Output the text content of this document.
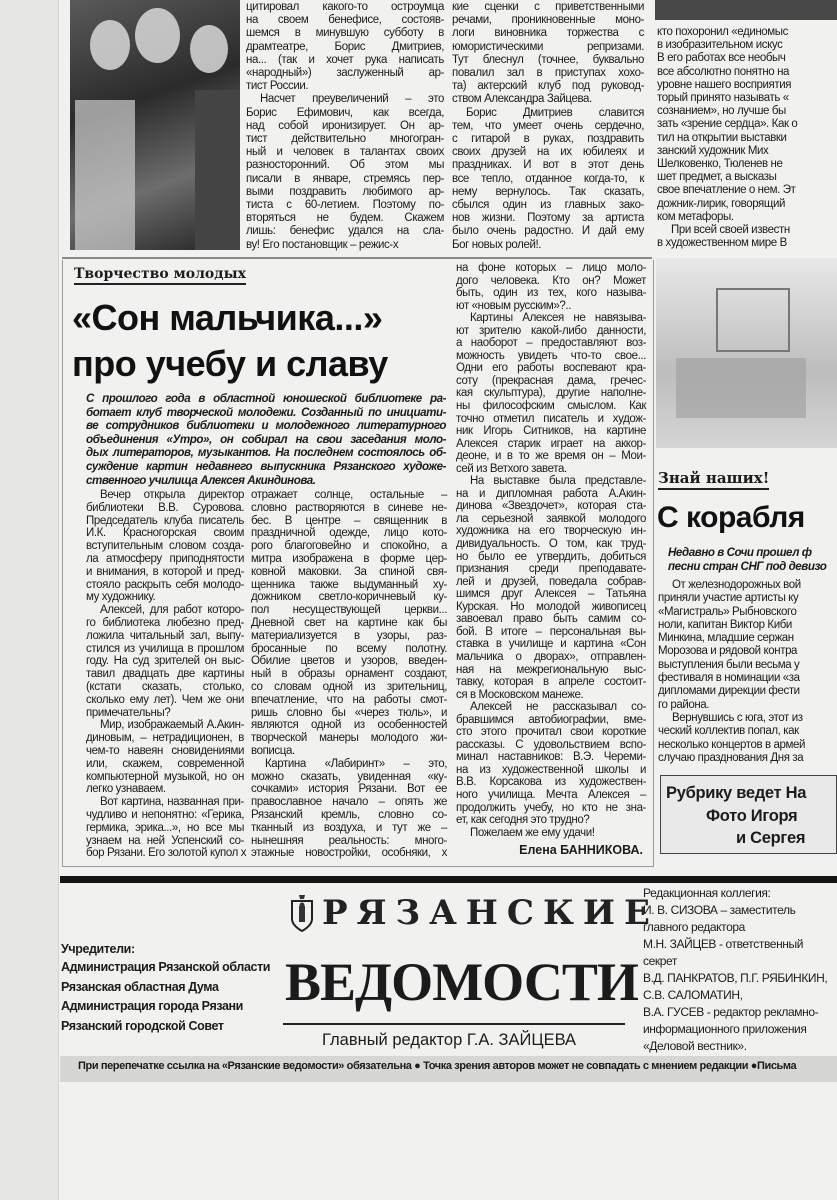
цитировал какого-то остроумца
на своем бенефисе, состояв-
шемся в минувшую субботу в
драмтеатре, Борис Дмитриев,
на... (так и хочет рука написать
«народный») заслуженный ар-
тист России.
Насчет преувеличений – это
Борис Ефимович, как всегда,
над собой иронизирует. Он ар-
тист действительно многогран-
ный и человек в талантах своих
разносторонний. Об этом мы
писали в январе, стремясь пер-
выми поздравить любимого ар-
тиста с 60-летием. Поэтому по-
вторяться не будем. Скажем
лишь: бенефис удался на сла-
ву! Его постановщик – режис-x
кие сценки с приветственными
речами, проникновенные моно-
логи виновника торжества с
юмористическими репризами.
Тут блеснул (точнее, буквально
повалил зал в приступах хохо-
та) актерский клуб под руковод-
ством Александра Зайцева.
Борис Дмитриев славится
тем, что умеет очень сердечно,
с гитарой в руках, поздравить
своих друзей на их юбилеях и
праздниках. И вот в этот день
все тепло, отданное когда-то, к
нему вернулось. Так сказать,
сбылся один из главных зако-
нов жизни. Поэтому за артиста
было очень радостно. И дай ему
Бог новых ролей!.
кто похоронил «единомыс
в изобразительном искус
В его работах все необыч
все абсолютно понятно на
уровне нашего восприятия
торый принято называть «
сознанием», но лучше бы
зать «зрение сердца». Как о
тил на открытии выставки
занский художник Мих
Шелковенко, Тюленев не
шет предмет, а высказы
свое впечатление о нем. Эт
дожник-лирик, говорящий
ком метафоры.
При всей своей известн
в художественном мире В
Творчество молодых
«Сон мальчика...»
про учебу и славу
С прошлого года в областной юношеской библиотеке ра-
ботает клуб творческой молодежи. Созданный по инициати-
ве сотрудников библиотеки и молодежного литературного
объединения «Утро», он собирал на свои заседания моло-
дых литераторов, музыкантов. На последнем состоялось об-
суждение картин недавнего выпускника Рязанского художе-
ственного училища Алексея Акиндинова.
Вечер открыла директор
библиотеки В.В. Суровова.
Председатель клуба писатель
И.К. Красногорская своим
вступительным словом созда-
ла атмосферу приподнятости
и внимания, в которой и пред-
стояло раскрыть себя молодо-
му художнику.
Алексей, для работ которо-
го библиотека любезно пред-
ложила читальный зал, выпу-
стился из училища в прошлом
году. На суд зрителей он выс-
тавил двадцать две картины
(кстати сказать, столько,
сколько ему лет). Чем же они
примечательны?
Мир, изображаемый А.Акин-
диновым, – нетрадиционен, в
чем-то навеян сновидениями
или, скажем, современной
компьютерной музыкой, но он
легко узнаваем.
Вот картина, названная при-
чудливо и непонятно: «Герика,
гермика, эрика...», но все мы
узнаем на ней Успенский со-
бор Рязани. Его золотой купол x
отражает солнце, остальные –
словно растворяются в синеве не-
бес. В центре – священник в
праздничной одежде, лицо кото-
рого благоговейно и спокойно, а
митра изображена в форме цер-
ковной маковки. За спиной свя-
щенника также выдуманный ху-
дожником светло-коричневый ку-
пол несуществующей церкви...
Дневной свет на картине как бы
материализуется в узоры, раз-
бросанные по всему полотну.
Обилие цветов и узоров, введен-
ный в образы орнамент создают,
со словам одной из зрительниц,
впечатление, что на работы смот-
ришь словно бы «через тюль», и
являются одной из особенностей
творческой манеры молодого жи-
вописца.
Картина «Лабиринт» – это,
можно сказать, увиденная «ку-
сочками» история Рязани. Вот ее
православное начало – опять же
Рязанский кремль, словно со-
тканный из воздуха, и тут же –
нынешняя реальность: много-
этажные новостройки, особняки, x
на фоне которых – лицо моло-
дого человека. Кто он? Может
быть, один из тех, кого называ-
ют «новым русским»?..
Картины Алексея не навязыва-
ют зрителю какой-либо данности,
а наоборот – предоставляют воз-
можность увидеть что-то свое...
Одни его работы воспевают кра-
соту (прекрасная дама, гречес-
кая скульптура), другие наполне-
ны философским смыслом. Как
точно отметил писатель и худож-
ник Игорь Ситников, на картине
Алексея старик играет на аккор-
деоне, и в то же время он – Мои-
сей из Ветхого завета.
На выставке была представле-
на и дипломная работа А.Акин-
динова «Звездочет», которая ста-
ла серьезной заявкой молодого
художника на его творческую ин-
дивидуальность. О том, как труд-
но было ее утвердить, добиться
признания среди преподавате-
лей и друзей, поведала собрав-
шимся друг Алексея – Татьяна
Курская. Но молодой живописец
завоевал право быть самим со-
бой. В итоге – персональная вы-
ставка в училище и картина «Сон
мальчика о дворах», отправлен-
ная на межрегиональную выс-
тавку, которая в апреле состоит-
ся в Московском манеже.
Алексей не рассказывал со-
бравшимся автобиографии, вме-
сто этого прочитал свои короткие
рассказы. С удовольствием вспо-
минал наставников: В.Э. Череми-
на из художественной школы и
В.В. Корсакова из художествен-
ного училища. Мечта Алексея –
продолжить учебу, но кто не зна-
ет, как сегодня это трудно?
Пожелаем же ему удачи!
Елена БАННИКОВА.
Знай наших!
С корабля
Недавно в Сочи прошел ф
песни стран СНГ под девизо
От железнодорожных вой
приняли участие артисты ку
«Магистраль» Рыбновского
ноли, капитан Виктор Киби
Минкина, младшие сержан
Морозова и рядовой контра
выступления были весьма у
фестиваля в номинации «за
дипломами дирекции фести
го района.
Вернувшись с юга, этот из
ческий коллектив попал, как
несколько концертов в армей
случаю празднования Дня за
Рубрику ведет На
Фото Игоря
и Сергея
Учредители:
Администрация Рязанской области
Рязанская областная Дума
Администрация города Рязани
Рязанский городской Совет
РЯЗАНСКИЕ
ВЕДОМОСТИ
Главный редактор Г.А. ЗАЙЦЕВА
Редакционная коллегия:
И. В. СИЗОВА – заместитель
главного редактора
М.Н. ЗАЙЦЕВ - ответственный секрет
В.Д. ПАНКРАТОВ, П.Г. РЯБИНКИН,
С.В. САЛОМАТИН,
В.А. ГУСЕВ - редактор рекламно-
информационного приложения
«Деловой вестник».
При перепечатке ссылка на «Рязанские ведомости» обязательна ● Точка зрения авторов может не совпадать с мнением редакции ●Письма
